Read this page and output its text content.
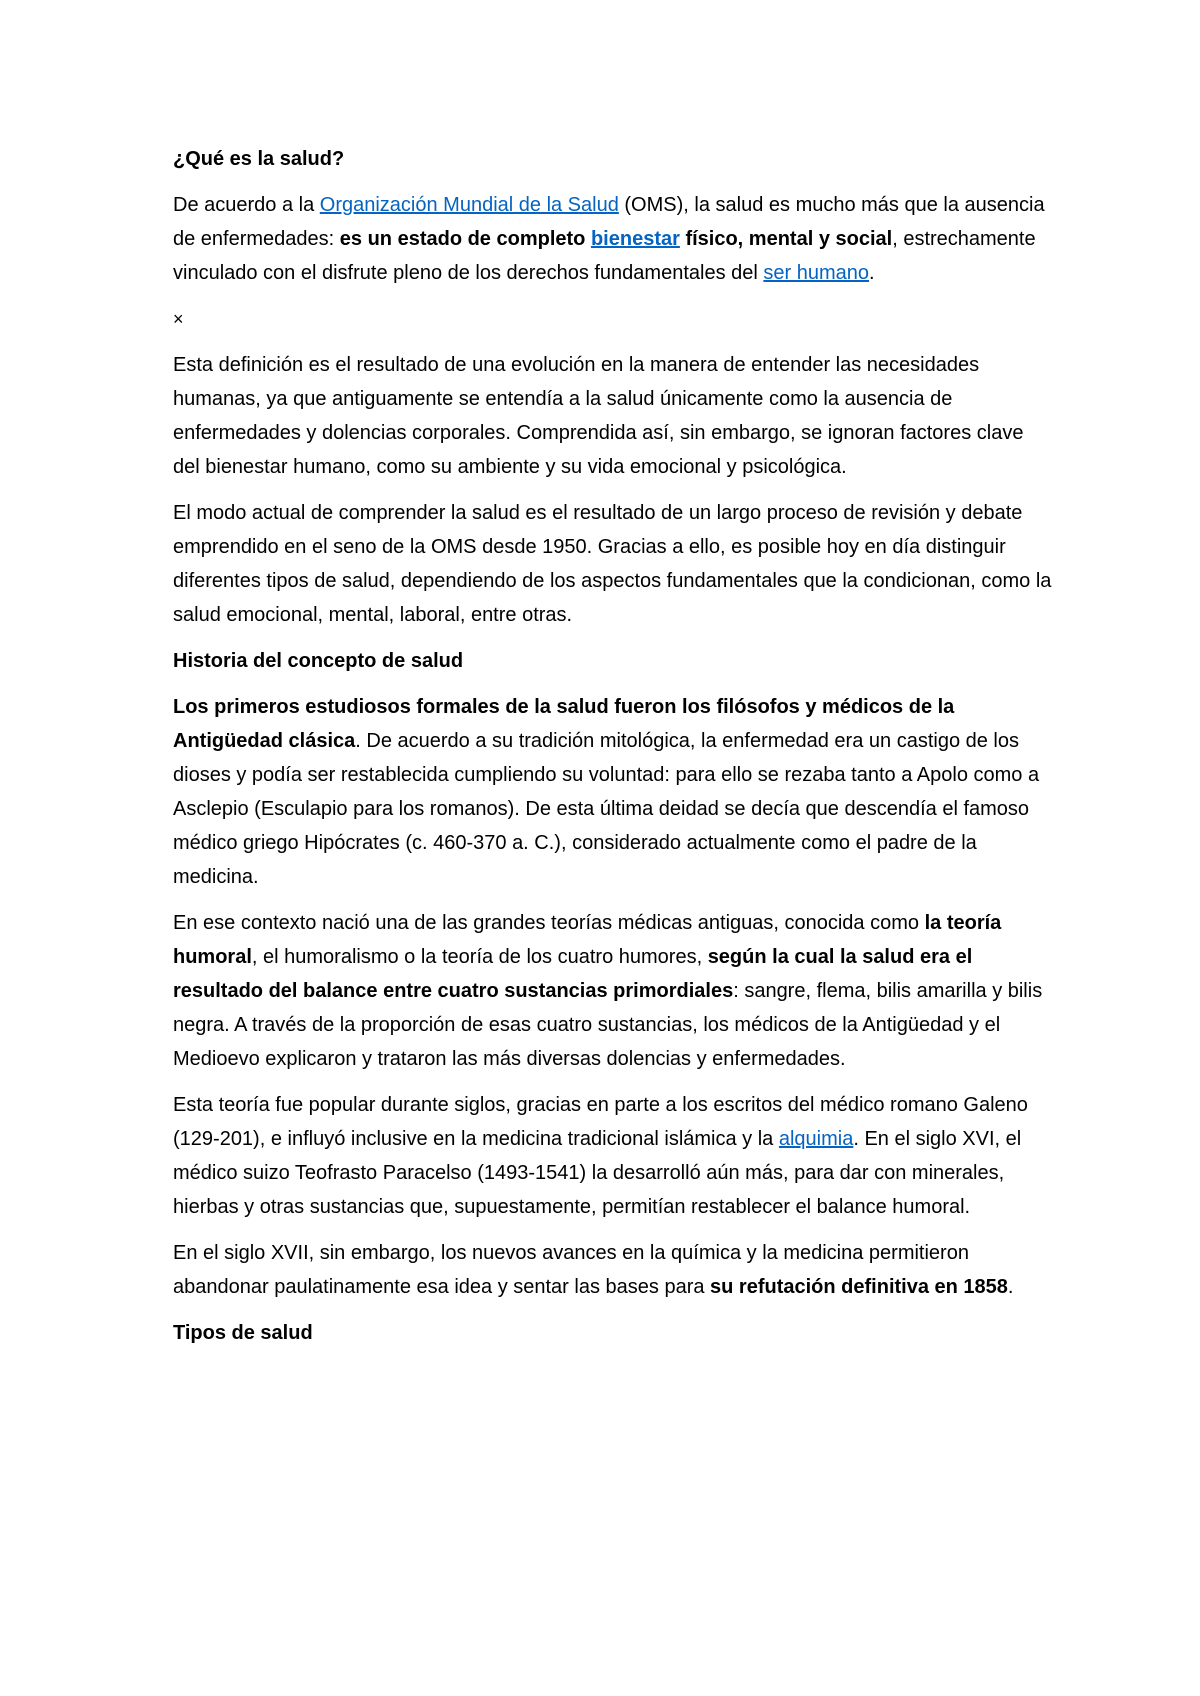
¿Qué es la salud?

De acuerdo a la Organización Mundial de la Salud (OMS), la salud es mucho más que la ausencia de enfermedades: es un estado de completo bienestar físico, mental y social, estrechamente vinculado con el disfrute pleno de los derechos fundamentales del ser humano.

×

Esta definición es el resultado de una evolución en la manera de entender las necesidades humanas, ya que antiguamente se entendía a la salud únicamente como la ausencia de enfermedades y dolencias corporales. Comprendida así, sin embargo, se ignoran factores clave del bienestar humano, como su ambiente y su vida emocional y psicológica.

El modo actual de comprender la salud es el resultado de un largo proceso de revisión y debate emprendido en el seno de la OMS desde 1950. Gracias a ello, es posible hoy en día distinguir diferentes tipos de salud, dependiendo de los aspectos fundamentales que la condicionan, como la salud emocional, mental, laboral, entre otras.

Historia del concepto de salud

Los primeros estudiosos formales de la salud fueron los filósofos y médicos de la Antigüedad clásica. De acuerdo a su tradición mitológica, la enfermedad era un castigo de los dioses y podía ser restablecida cumpliendo su voluntad: para ello se rezaba tanto a Apolo como a Asclepio (Esculapio para los romanos). De esta última deidad se decía que descendía el famoso médico griego Hipócrates (c. 460-370 a. C.), considerado actualmente como el padre de la medicina.

En ese contexto nació una de las grandes teorías médicas antiguas, conocida como la teoría humoral, el humoralismo o la teoría de los cuatro humores, según la cual la salud era el resultado del balance entre cuatro sustancias primordiales: sangre, flema, bilis amarilla y bilis negra. A través de la proporción de esas cuatro sustancias, los médicos de la Antigüedad y el Medioevo explicaron y trataron las más diversas dolencias y enfermedades.

Esta teoría fue popular durante siglos, gracias en parte a los escritos del médico romano Galeno (129-201), e influyó inclusive en la medicina tradicional islámica y la alquimia. En el siglo XVI, el médico suizo Teofrasto Paracelso (1493-1541) la desarrolló aún más, para dar con minerales, hierbas y otras sustancias que, supuestamente, permitían restablecer el balance humoral.

En el siglo XVII, sin embargo, los nuevos avances en la química y la medicina permitieron abandonar paulatinamente esa idea y sentar las bases para su refutación definitiva en 1858.

Tipos de salud
